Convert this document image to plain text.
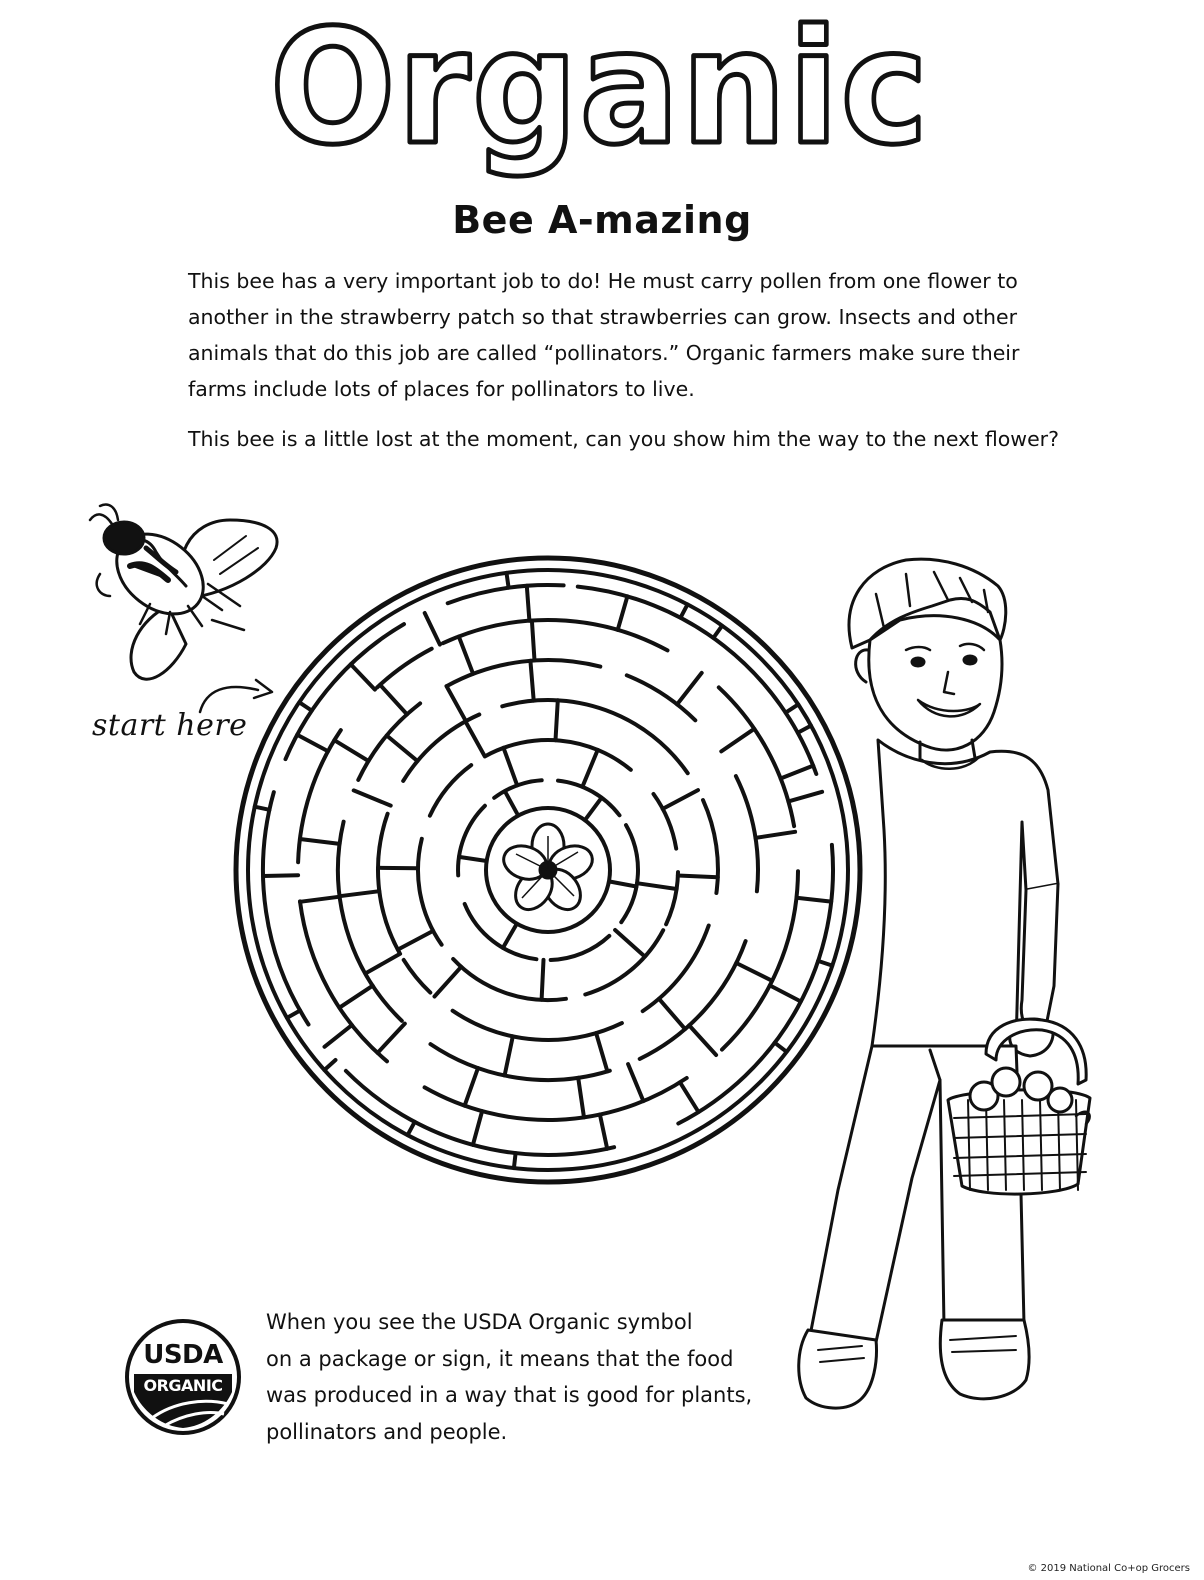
Organic
Bee A-mazing
This bee has a very important job to do! He must carry pollen from one flower to
another in the strawberry patch so that strawberries can grow. Insects and other
animals that do this job are called “pollinators.” Organic farmers make sure their
farms include lots of places for pollinators to live.
This bee is a little lost at the moment, can you show him the way to the next flower?
start here
USDA
ORGANIC
When you see the USDA Organic symbol
on a package or sign, it means that the food
was produced in a way that is good for plants,
pollinators and people.
© 2019 National Co+op Grocers
